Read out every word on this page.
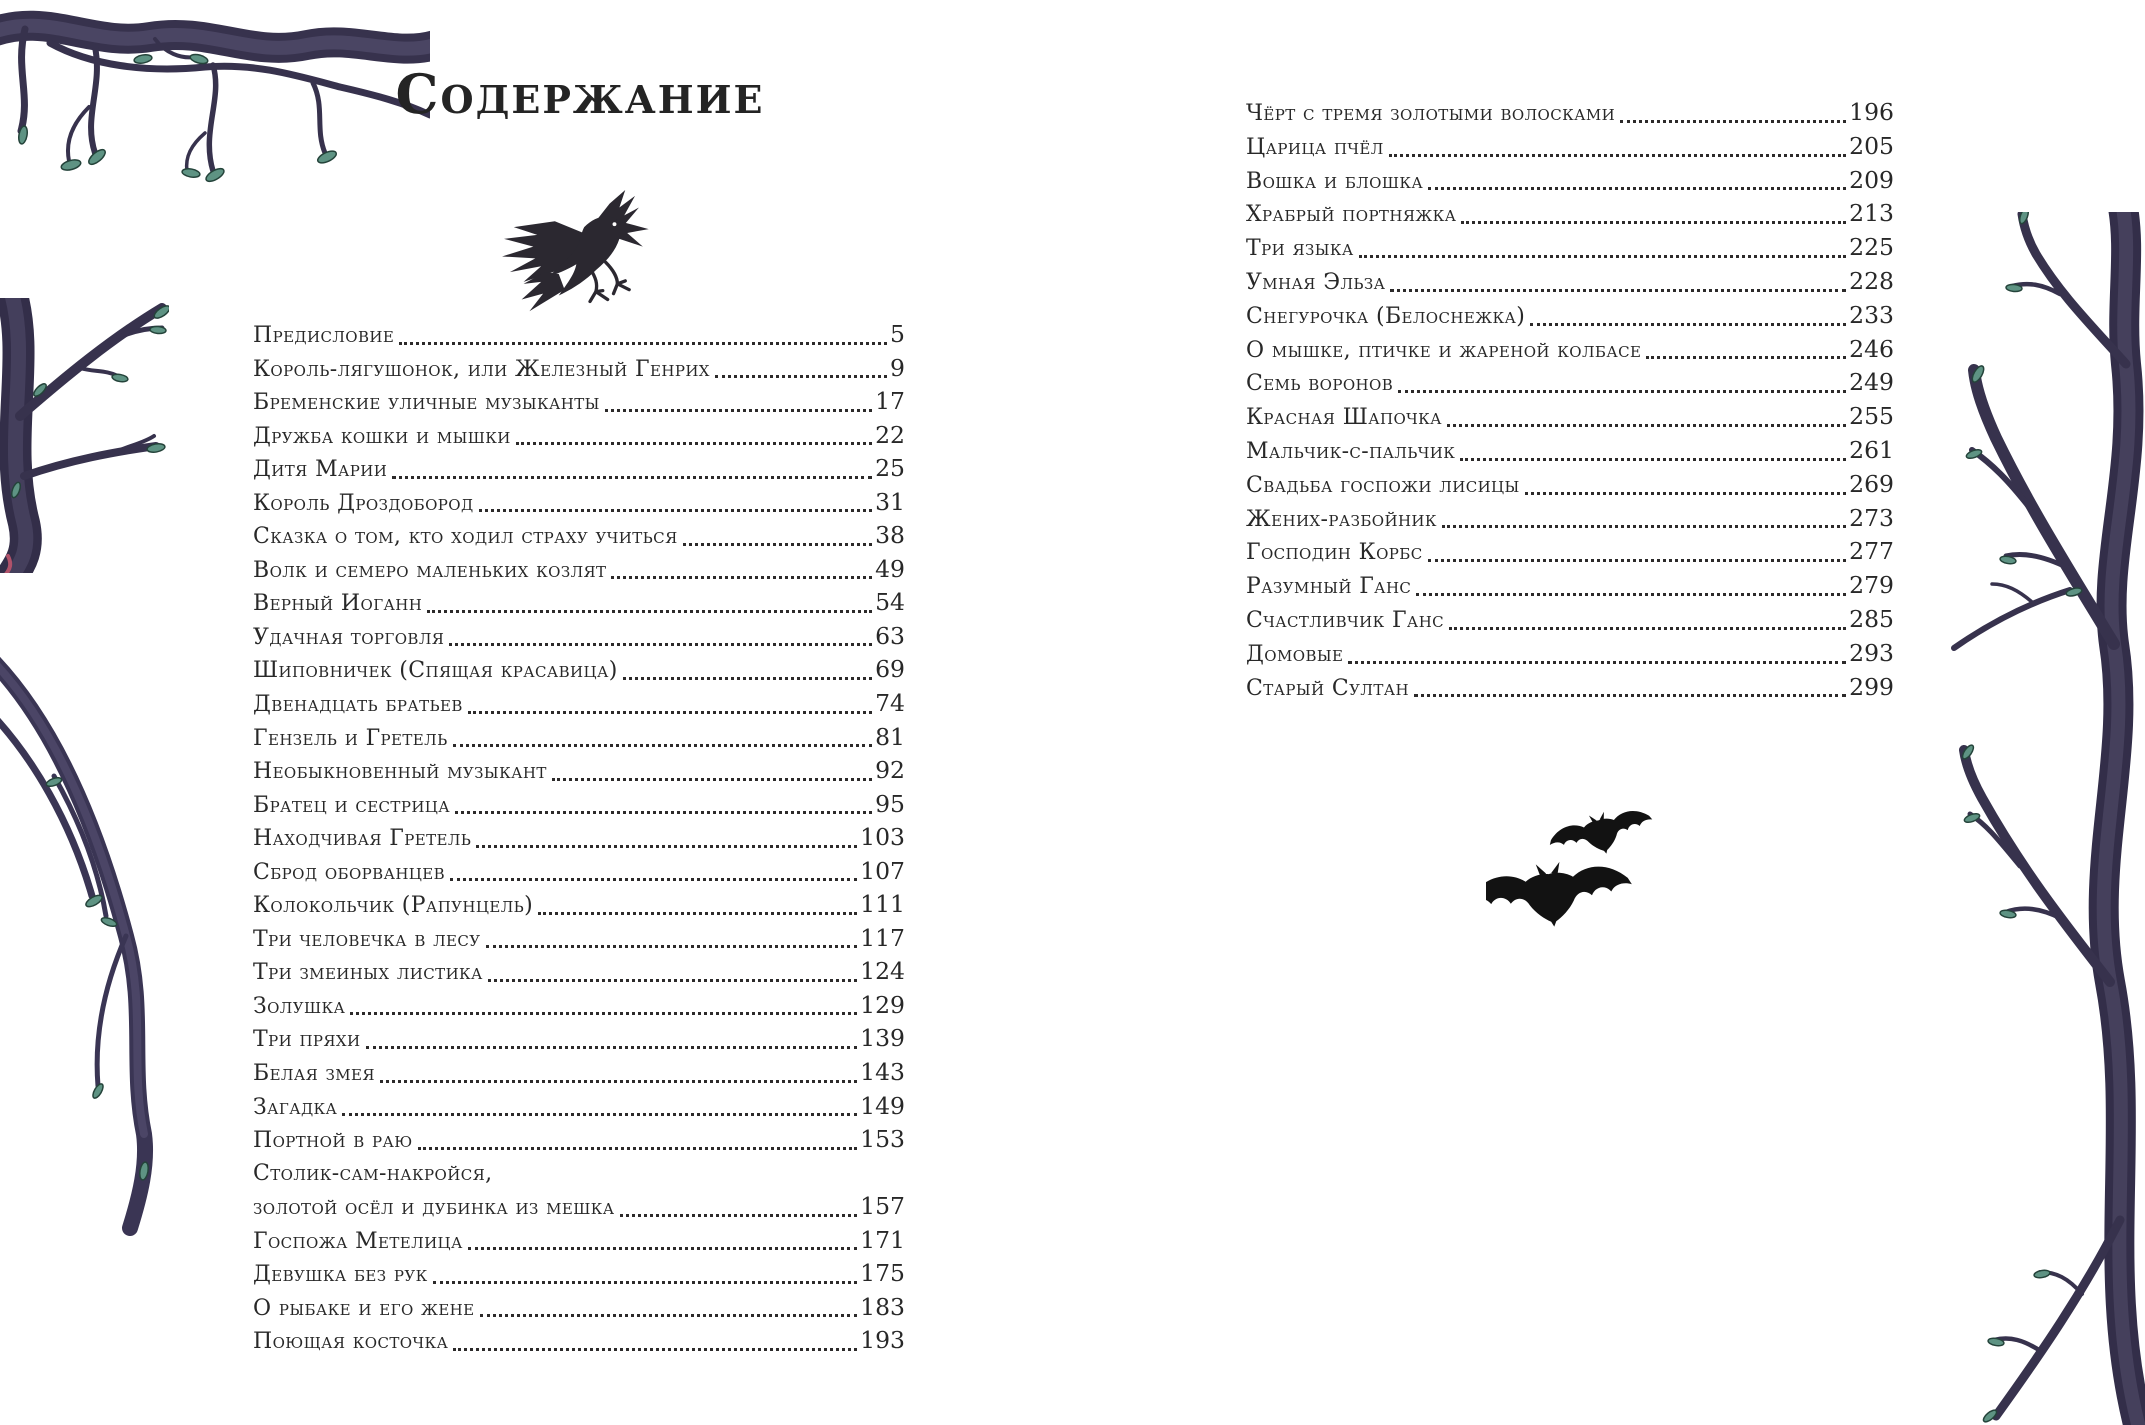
Содержание
Предисловие	5
Король-лягушонок, или Железный Генрих	9
Бременские уличные музыканты	17
Дружба кошки и мышки	22
Дитя Марии	25
Король Дроздобород	31
Сказка о том, кто ходил страху учиться	38
Волк и семеро маленьких козлят	49
Верный Иоганн	54
Удачная торговля	63
Шиповничек (Спящая красавица)	69
Двенадцать братьев	74
Гензель и Гретель	81
Необыкновенный музыкант	92
Братец и сестрица	95
Находчивая Гретель	103
Сброд оборванцев	107
Колокольчик (Рапунцель)	111
Три человечка в лесу	117
Три змеиных листика	124
Золушка	129
Три пряхи	139
Белая змея	143
Загадка	149
Портной в раю	153
Столик-сам-накройся,
золотой осёл и дубинка из мешка	157
Госпожа Метелица	171
Девушка без рук	175
О рыбаке и его жене	183
Поющая косточка	193
Чёрт с тремя золотыми волосками	196
Царица пчёл	205
Вошка и блошка	209
Храбрый портняжка	213
Три языка	225
Умная Эльза	228
Снегурочка (Белоснежка)	233
О мышке, птичке и жареной колбасе	246
Семь воронов	249
Красная Шапочка	255
Мальчик-с-пальчик	261
Свадьба госпожи лисицы	269
Жених-разбойник	273
Господин Корбс	277
Разумный Ганс	279
Счастливчик Ганс	285
Домовые	293
Старый Султан	299
